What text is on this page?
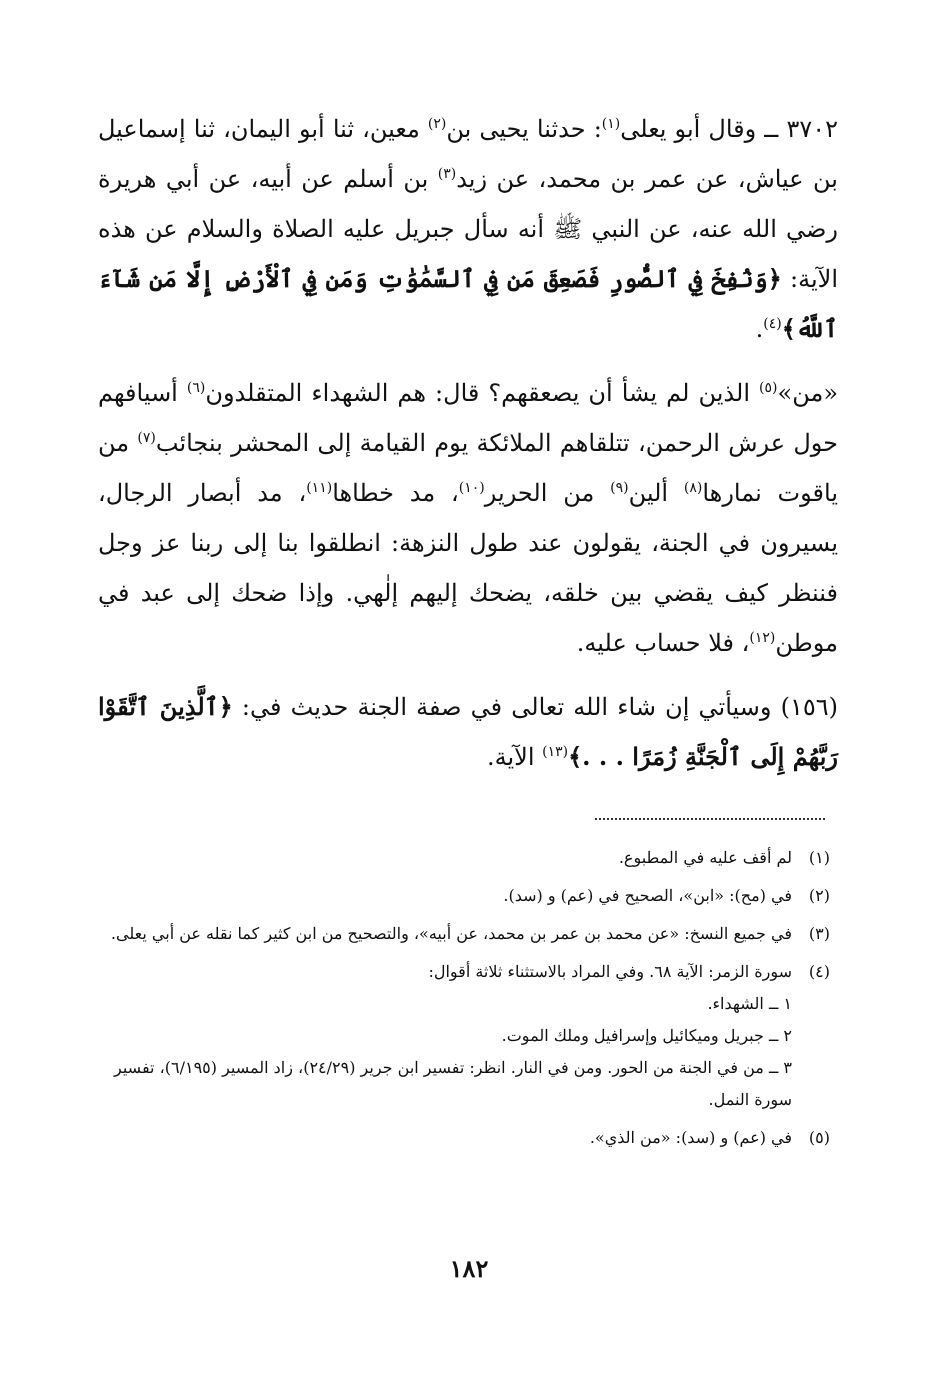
٣٧٠٢ ــ وقال أبو يعلى$^{(١)}$: حدثنا يحيى بن$^{(٢)}$ معين، ثنا أبو اليمان، ثنا إسماعيل بن عياش، عن عمر بن محمد، عن زيد$^{(٣)}$ بن أسلم عن أبيه، عن أبي هريرة رضي الله عنه، عن النبي ﷺ أنه سأل جبريل عليه الصلاة والسلام عن هذه الآية: ﴿وَنُفِخَ فِي ٱلصُّورِ فَصَعِقَ مَن فِي ٱلسَّمَٰوَٰتِ وَمَن فِي ٱلْأَرْضِ إِلَّا مَن شَآءَ ٱللَّهُ﴾$^{(٤)}$.

«من»$^{(٥)}$ الذين لم يشأ أن يصعقهم؟ قال: هم الشهداء المتقلدون$^{(٦)}$ أسيافهم حول عرش الرحمن، تتلقاهم الملائكة يوم القيامة إلى المحشر بنجائب$^{(٧)}$ من ياقوت نمارها$^{(٨)}$ ألين$^{(٩)}$ من الحرير$^{(١٠)}$، مد خطاها$^{(١١)}$، مد أبصار الرجال، يسيرون في الجنة، يقولون عند طول النزهة: انطلقوا بنا إلى ربنا عز وجل فننظر كيف يقضي بين خلقه، يضحك إليهم إلٰهي. وإذا ضحك إلى عبد في موطن$^{(١٢)}$، فلا حساب عليه.

(١٥٦) وسيأتي إن شاء الله تعالى في صفة الجنة حديث في: ﴿ٱلَّذِينَ ٱتَّقَوْا رَبَّهُمْ إِلَى ٱلْجَنَّةِ زُمَرًا . . .﴾$^{(١٣)}$ الآية.

(١)
لم أقف عليه في المطبوع.
(٢)
في (مح): «ابن»، الصحيح في (عم) و (سد).
(٣)
في جميع النسخ: «عن محمد بن عمر بن محمد، عن أبيه»، والتصحيح من ابن كثير كما نقله عن أبي يعلى.
(٤)
سورة الزمر: الآية ٦٨. وفي المراد بالاستثناء ثلاثة أقوال:
١ ــ الشهداء.
٢ ــ جبريل وميكائيل وإسرافيل وملك الموت.
٣ ــ من في الجنة من الحور. ومن في النار. انظر: تفسير ابن جرير (٢٤/٢٩)، زاد المسير (٦/١٩٥)، تفسير سورة النمل.
(٥)
في (عم) و (سد): «من الذي».
١٨٢
